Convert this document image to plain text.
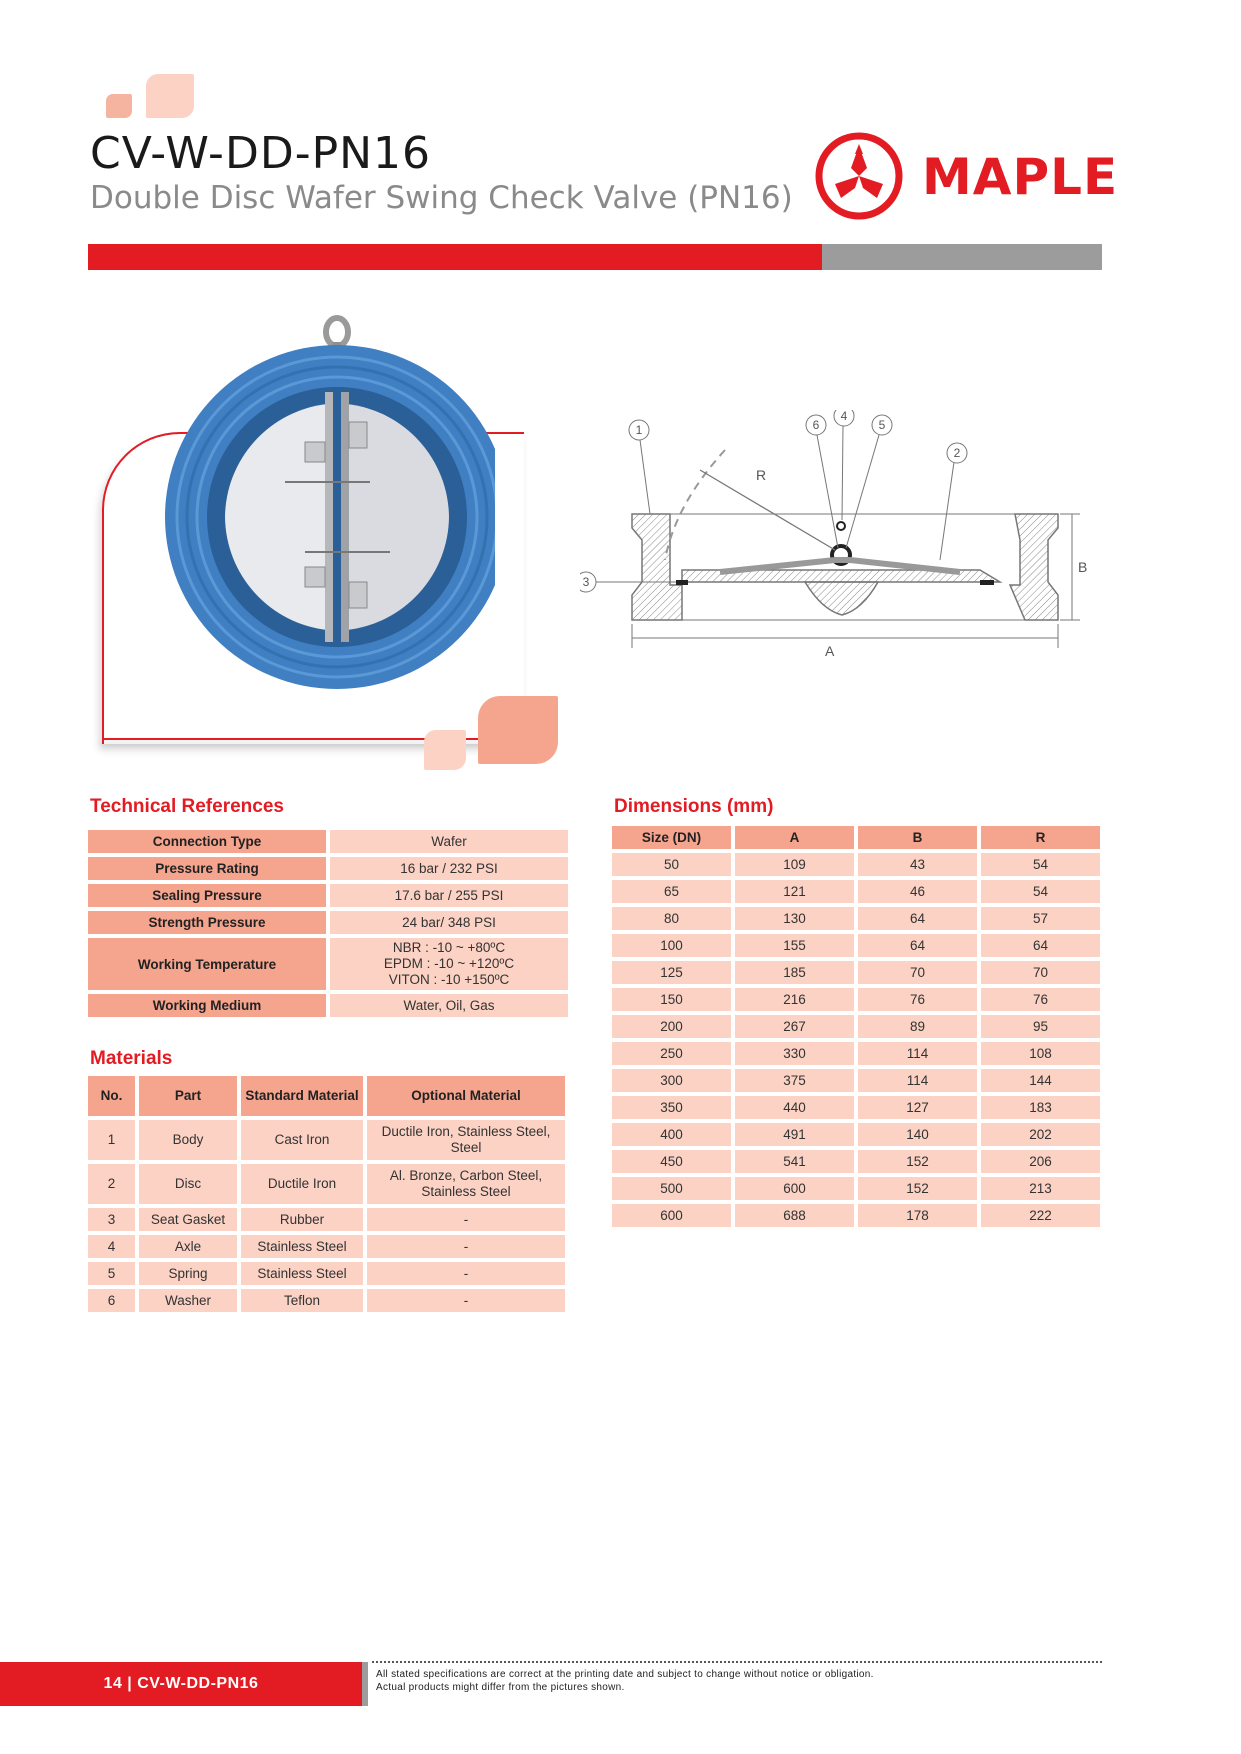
CV-W-DD-PN16
Double Disc Wafer Swing Check Valve (PN16)	MAPLE
1
2
3
4
5
6
R
B
A
Technical References
Connection Type	Wafer
Pressure Rating	16 bar / 232 PSI
Sealing Pressure	17.6 bar / 255 PSI
Strength Pressure	24 bar/ 348 PSI
Working Temperature	NBR : -10 ~ +80ºC
EPDM : -10 ~ +120ºC
VITON : -10 +150ºC

Working Medium	Water, Oil, Gas
Materials
No.	Part	Standard Material	Optional Material
1	Body	Cast Iron	Ductile Iron, Stainless Steel, Steel
2	Disc	Ductile Iron	Al. Bronze, Carbon Steel, Stainless Steel
3	Seat Gasket	Rubber	-
4	Axle	Stainless Steel	-
5	Spring	Stainless Steel	-
6	Washer	Teflon	-
Dimensions (mm)
Size (DN)	A	B	R
50	109	43	54
65	121	46	54
80	130	64	57
100	155	64	64
125	185	70	70
150	216	76	76
200	267	89	95
250	330	114	108
300	375	114	144
350	440	127	183
400	491	140	202
450	541	152	206
500	600	152	213
600	688	178	222
14 | CV-W-DD-PN16
All stated specifications are correct at the printing date and subject to change without notice or obligation.
Actual products might differ from the pictures shown.
